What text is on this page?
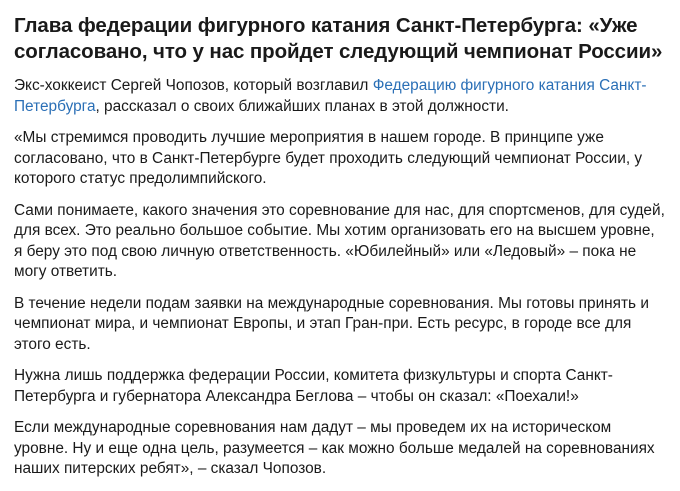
Глава федерации фигурного катания Санкт-Петербурга: «Уже согласовано, что у нас пройдет следующий чемпионат России»

Экс-хоккеист Сергей Чопозов, который возглавил Федерацию фигурного катания Санкт-Петербурга, рассказал о своих ближайших планах в этой должности.

«Мы стремимся проводить лучшие мероприятия в нашем городе. В принципе уже согласовано, что в Санкт-Петербурге будет проходить следующий чемпионат России, у которого статус предолимпийского.

Сами понимаете, какого значения это соревнование для нас, для спортсменов, для судей, для всех. Это реально большое событие. Мы хотим организовать его на высшем уровне, я беру это под свою личную ответственность. «Юбилейный» или «Ледовый» – пока не могу ответить.

В течение недели подам заявки на международные соревнования. Мы готовы принять и чемпионат мира, и чемпионат Европы, и этап Гран-при. Есть ресурс, в городе все для этого есть.

Нужна лишь поддержка федерации России, комитета физкультуры и спорта Санкт-Петербурга и губернатора Александра Беглова – чтобы он сказал: «Поехали!»

Если международные соревнования нам дадут – мы проведем их на историческом уровне. Ну и еще одна цель, разумеется – как можно больше медалей на соревнованиях наших питерских ребят», – сказал Чопозов.
